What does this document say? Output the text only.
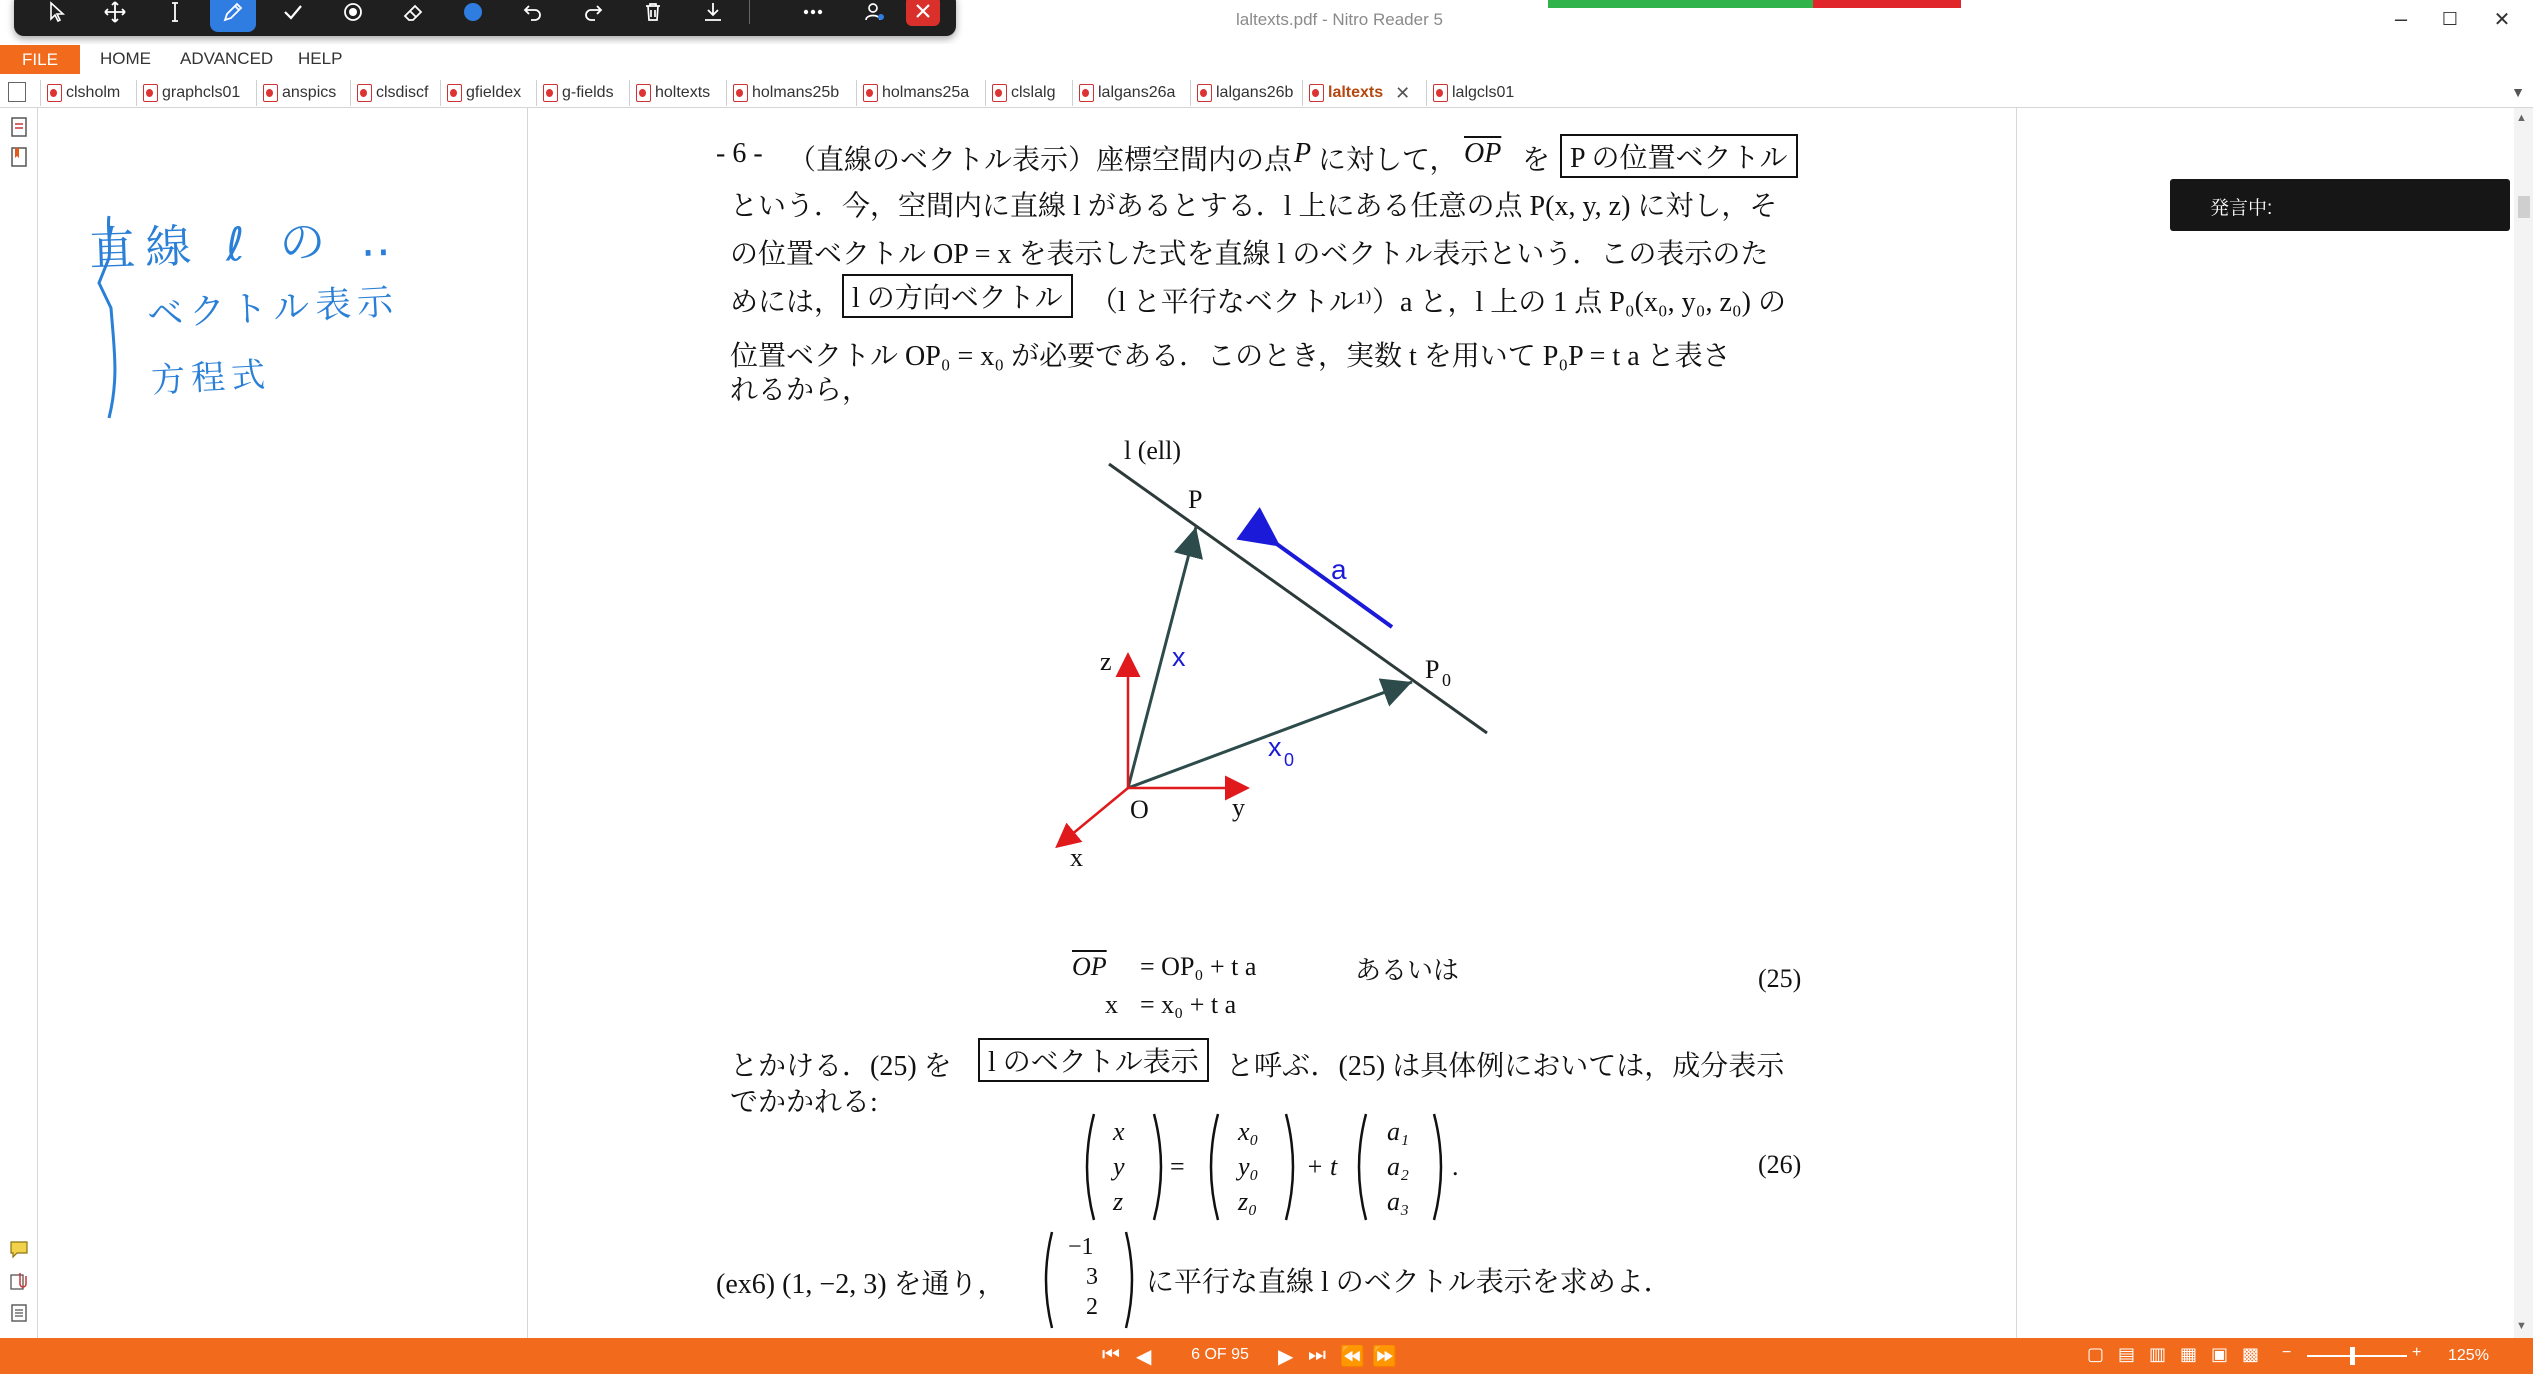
laltexts.pdf - Nitro Reader 5	–	☐	✕
FILE	HOME ADVANCED HELP
clsholm	graphcls01	anspics clsdiscf gfieldex	g-fields	holtexts	holmans25b	holmans25a	clslalg	lalgans26a	lalgans26b laltexts ✕	lalgcls01	▼
直線 ℓ の ‥
ベクトル表示
方程式
- 6 - （直線のベクトル表示）座標空間内の点 P に対して， $\overline{OP}$ を P の位置ベクトル
という．今，空間内に直線 l があるとする．l 上にある任意の点 P(x, y, z) に対し，そ
の位置ベクトル OP = x を表示した式を直線 l のベクトル表示という．この表示のた
めには， l の方向ベクトル （l と平行なベクトル¹⁾）a と，l 上の 1 点 P₀(x₀, y₀, z₀) の
位置ベクトル OP₀ = x₀ が必要である．このとき，実数 t を用いて P₀P = t a と表さ
れるから，
l (ell)
P
P 0
a
x
x 0
z
y
x
O
$\overline{OP} = OP_0 + t$ a	あるいは
x = x₀ + t a
(25)
とかける．(25) を	l のベクトル表示 と呼ぶ．(25) は具体例においては，成分表示
でかかれる:
x
y
z
=
x₀
y₀
z₀
+ t
a₁
a₂
a₃
.	(26)
(ex6) (1, −2, 3) を通り，
−1
3
2
に平行な直線 l のベクトル表示を求めよ．
発言中:
▲
▼
⏮ ◀	6 OF 95	▶ ⏭ ⏪ ⏩	▢ ▤ ▥ ▦ ▣ ▩ −	+ 125%
